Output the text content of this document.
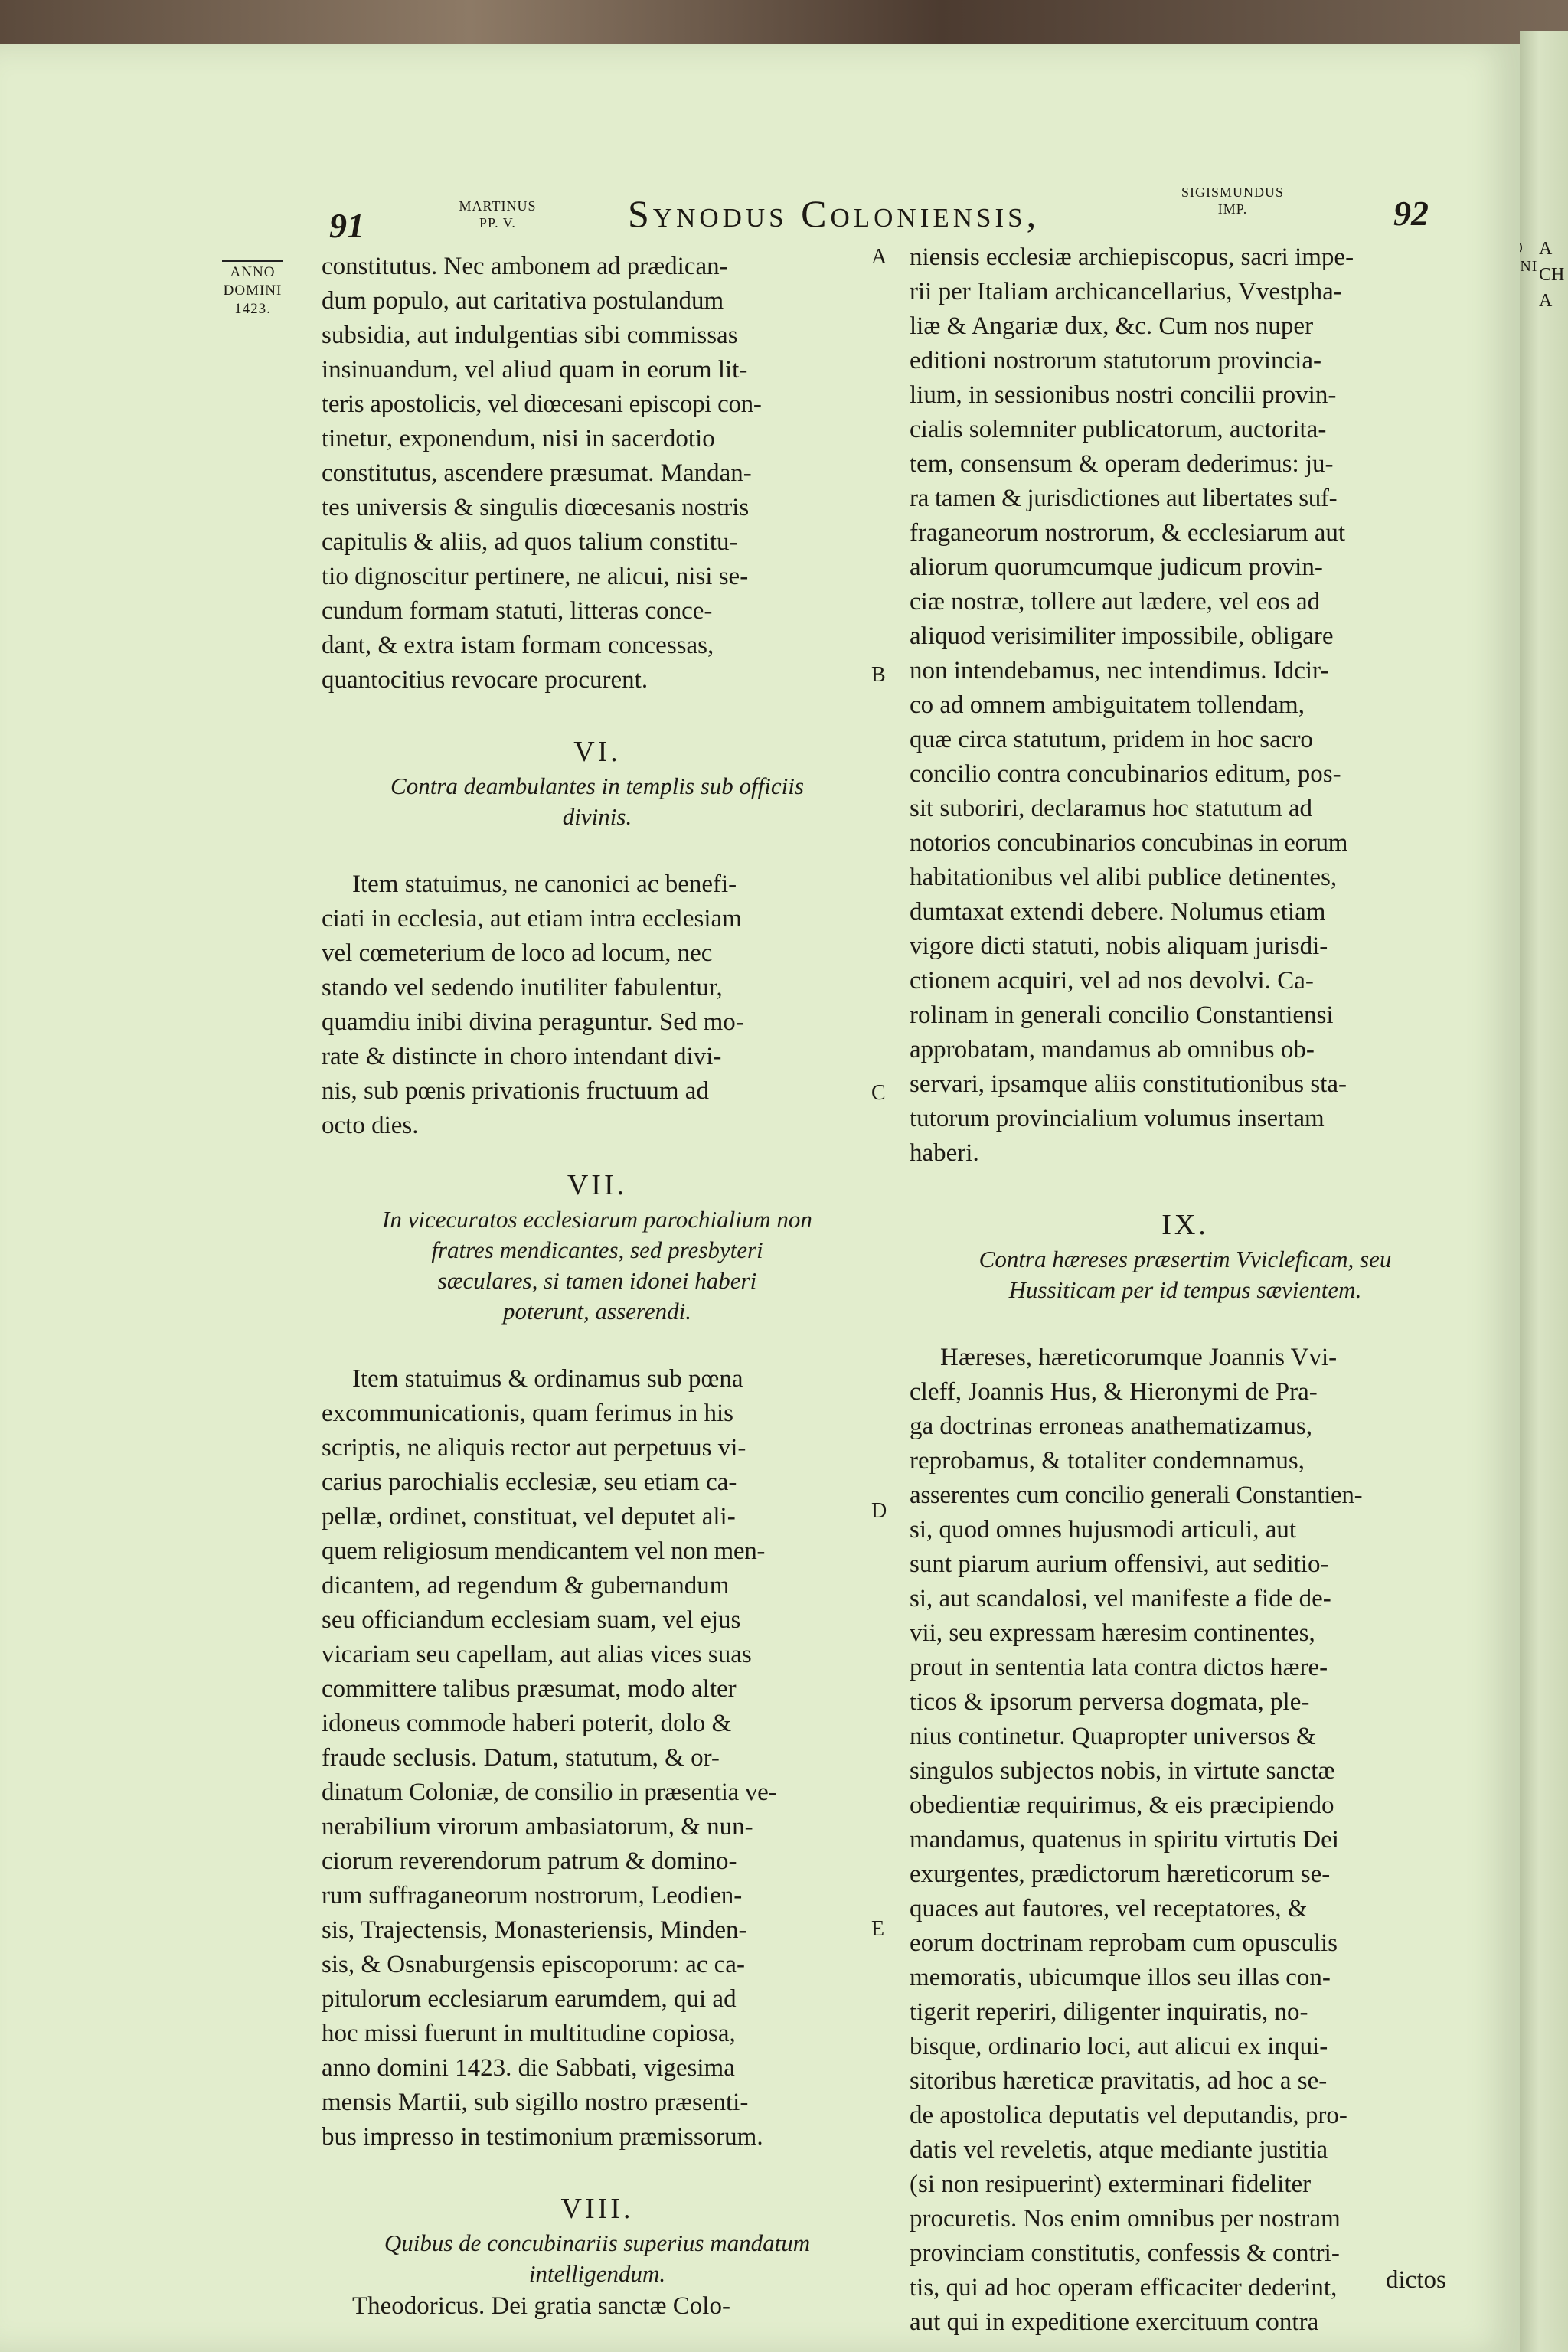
A
CH
A
91	MARTINUS
PP. V.	Synodus Coloniensis,	SIGISMUNDUS
IMP.	92
ANNO
DOMINI
1423.
A
B
C
D
E
constitutus. Nec ambonem ad prædican-
dum populo, aut caritativa postulandum
subsidia, aut indulgentias sibi commissas
insinuandum, vel aliud quam in eorum lit-
teris apostolicis, vel diœcesani episcopi con-
tinetur, exponendum, nisi in sacerdotio
constitutus, ascendere præsumat. Mandan-
tes universis & singulis diœcesanis nostris
capitulis & aliis, ad quos talium constitu-
tio dignoscitur pertinere, ne alicui, nisi se-
cundum formam statuti, litteras conce-
dant, & extra istam formam concessas,
quantocitius revocare procurent.
VI.
Contra deambulantes in templis sub officiis
divinis.
Item statuimus, ne canonici ac benefi-
ciati in ecclesia, aut etiam intra ecclesiam
vel cœmeterium de loco ad locum, nec
stando vel sedendo inutiliter fabulentur,
quamdiu inibi divina peraguntur. Sed mo-
rate & distincte in choro intendant divi-
nis, sub pœnis privationis fructuum ad
octo dies.
VII.
In vicecuratos ecclesiarum parochialium non
fratres mendicantes, sed presbyteri
sæculares, si tamen idonei haberi
poterunt, asserendi.
Item statuimus & ordinamus sub pœna
excommunicationis, quam ferimus in his
scriptis, ne aliquis rector aut perpetuus vi-
carius parochialis ecclesiæ, seu etiam ca-
pellæ, ordinet, constituat, vel deputet ali-
quem religiosum mendicantem vel non men-
dicantem, ad regendum & gubernandum
seu officiandum ecclesiam suam, vel ejus
vicariam seu capellam, aut alias vices suas
committere talibus præsumat, modo alter
idoneus commode haberi poterit, dolo &
fraude seclusis. Datum, statutum, & or-
dinatum Coloniæ, de consilio in præsentia ve-
nerabilium virorum ambasiatorum, & nun-
ciorum reverendorum patrum & domino-
rum suffraganeorum nostrorum, Leodien-
sis, Trajectensis, Monasteriensis, Minden-
sis, & Osnaburgensis episcoporum: ac ca-
pitulorum ecclesiarum earumdem, qui ad
hoc missi fuerunt in multitudine copiosa,
anno domini 1423. die Sabbati, vigesima
mensis Martii, sub sigillo nostro præsenti-
bus impresso in testimonium præmissorum.
VIII.
Quibus de concubinariis superius mandatum
intelligendum.
Theodoricus. Dei gratia sanctæ Colo-
niensis ecclesiæ archiepiscopus, sacri impe-
rii per Italiam archicancellarius, Vvestpha-
liæ & Angariæ dux, &c. Cum nos nuper
editioni nostrorum statutorum provincia-
lium, in sessionibus nostri concilii provin-
cialis solemniter publicatorum, auctorita-
tem, consensum & operam dederimus: ju-
ra tamen & jurisdictiones aut libertates suf-
fraganeorum nostrorum, & ecclesiarum aut
aliorum quorumcumque judicum provin-
ciæ nostræ, tollere aut lædere, vel eos ad
aliquod verisimiliter impossibile, obligare
non intendebamus, nec intendimus. Idcir-
co ad omnem ambiguitatem tollendam,
quæ circa statutum, pridem in hoc sacro
concilio contra concubinarios editum, pos-
sit suboriri, declaramus hoc statutum ad
notorios concubinarios concubinas in eorum
habitationibus vel alibi publice detinentes,
dumtaxat extendi debere. Nolumus etiam
vigore dicti statuti, nobis aliquam jurisdi-
ctionem acquiri, vel ad nos devolvi. Ca-
rolinam in generali concilio Constantiensi
approbatam, mandamus ab omnibus ob-
servari, ipsamque aliis constitutionibus sta-
tutorum provincialium volumus insertam
haberi.
IX.
Contra hæreses præsertim Vvicleficam, seu
Hussiticam per id tempus sævientem.
Hæreses, hæreticorumque Joannis Vvi-
cleff, Joannis Hus, & Hieronymi de Pra-
ga doctrinas erroneas anathematizamus,
reprobamus, & totaliter condemnamus,
asserentes cum concilio generali Constantien-
si, quod omnes hujusmodi articuli, aut
sunt piarum aurium offensivi, aut seditio-
si, aut scandalosi, vel manifeste a fide de-
vii, seu expressam hæresim continentes,
prout in sententia lata contra dictos hære-
ticos & ipsorum perversa dogmata, ple-
nius continetur. Quapropter universos &
singulos subjectos nobis, in virtute sanctæ
obedientiæ requirimus, & eis præcipiendo
mandamus, quatenus in spiritu virtutis Dei
exurgentes, prædictorum hæreticorum se-
quaces aut fautores, vel receptatores, &
eorum doctrinam reprobam cum opusculis
memoratis, ubicumque illos seu illas con-
tigerit reperiri, diligenter inquiratis, no-
bisque, ordinario loci, aut alicui ex inqui-
sitoribus hæreticæ pravitatis, ad hoc a se-
de apostolica deputatis vel deputandis, pro-
datis vel reveletis, atque mediante justitia
(si non resipuerint) exterminari fideliter
procuretis. Nos enim omnibus per nostram
provinciam constitutis, confessis & contri-
tis, qui ad hoc operam efficaciter dederint,
aut qui in expeditione exercituum contra
dictos
